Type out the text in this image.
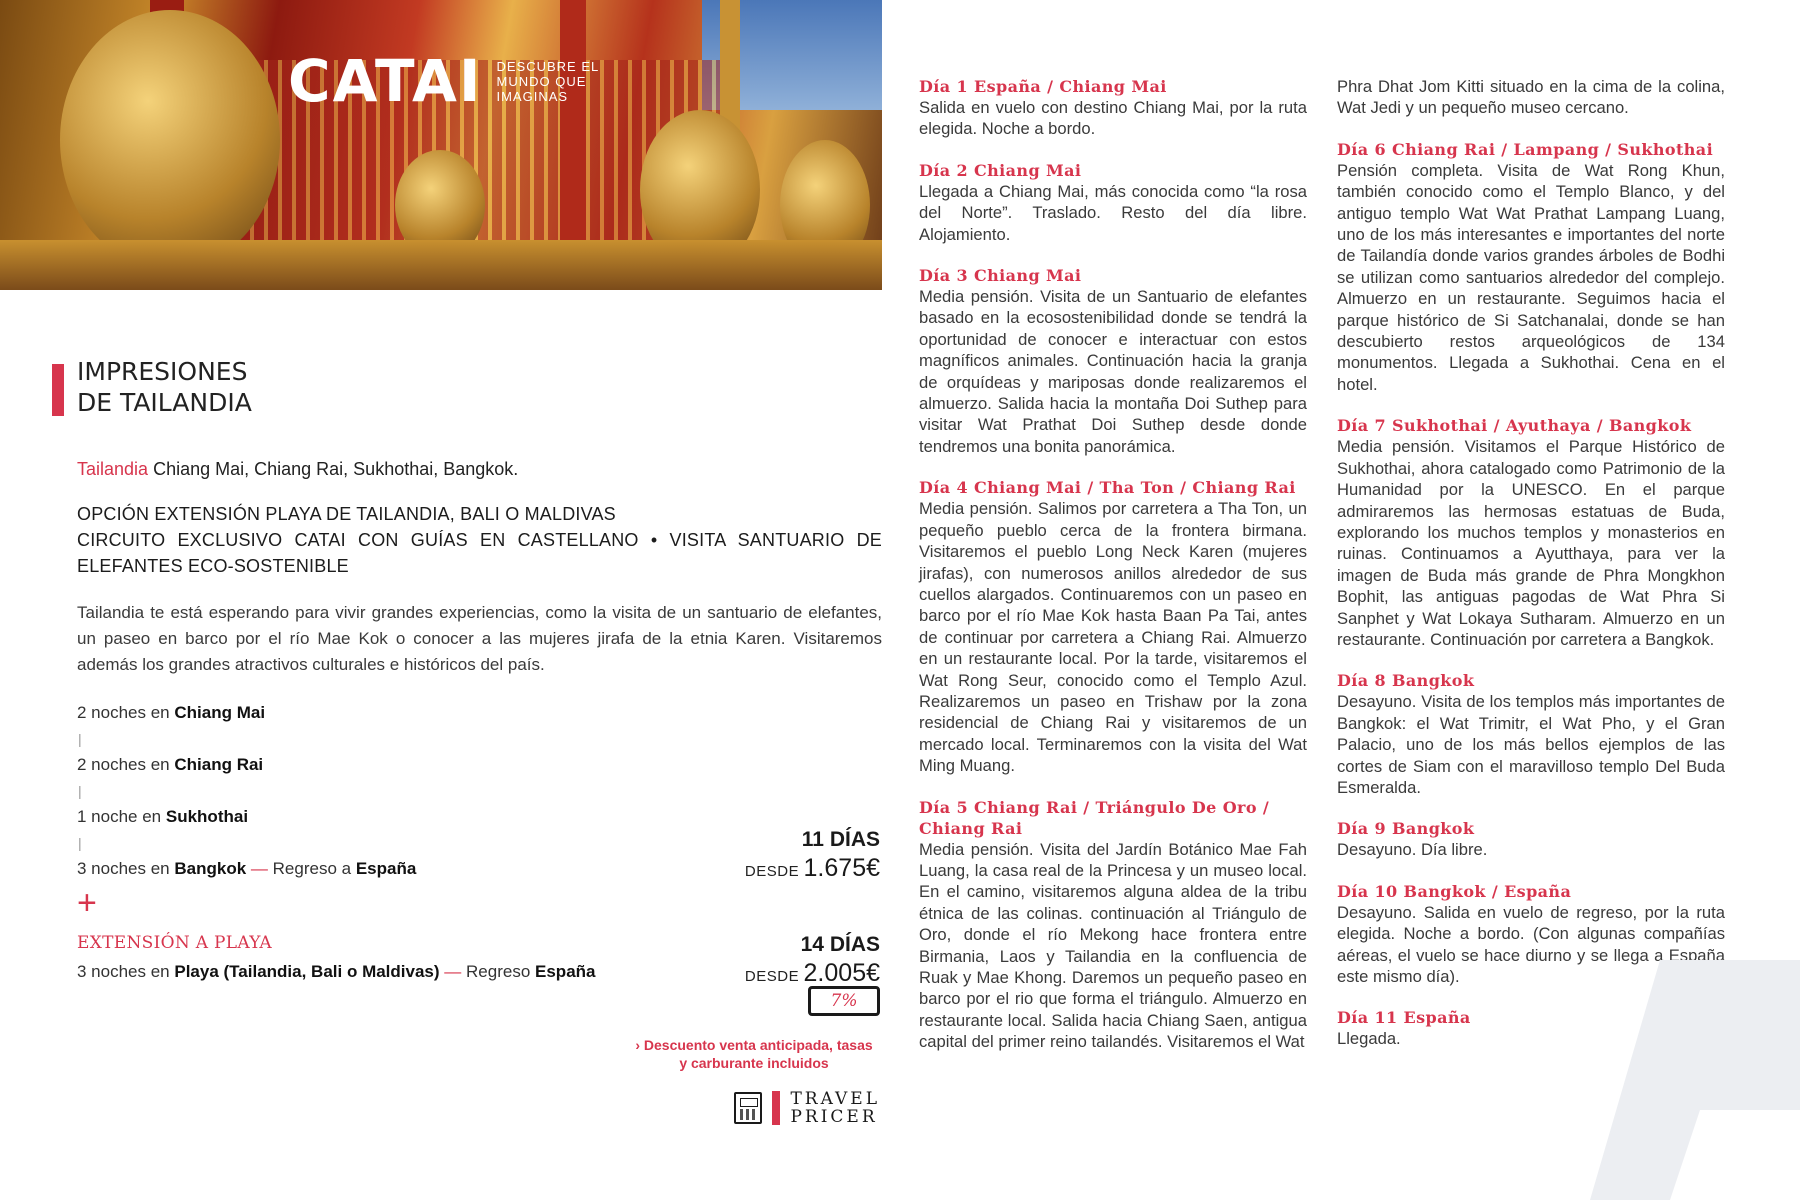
CATAI DESCUBRE EL MUNDO QUE IMAGINAS
IMPRESIONES
DE TAILANDIA
Tailandia Chiang Mai, Chiang Rai, Sukhothai, Bangkok.
OPCIÓN EXTENSIÓN PLAYA DE TAILANDIA, BALI O MALDIVAS
CIRCUITO EXCLUSIVO CATAI CON GUÍAS EN CASTELLANO • VISITA SANTUARIO DE ELEFANTES ECO-SOSTENIBLE

Tailandia te está esperando para vivir grandes experiencias, como la visita de un santuario de elefantes, un paseo en barco por el río Mae Kok o conocer a las mujeres jirafa de la etnia Karen. Visitaremos además los grandes atractivos culturales e históricos del país.

2 noches en Chiang Mai
|
2 noches en Chiang Rai
|
1 noche en Sukhothai
|
3 noches en Bangkok — Regreso a España
+
EXTENSIÓN A PLAYA
3 noches en Playa (Tailandia, Bali o Maldivas) — Regreso España
11 DÍAS
DESDE 1.675€
14 DÍAS
DESDE 2.005€
7%
› Descuento venta anticipada, tasas y carburante incluidos
TRAVEL
PRICER
Día 1 España / Chiang Mai
Salida en vuelo con destino Chiang Mai, por la ruta elegida. Noche a bordo.
Día 2 Chiang Mai
Llegada a Chiang Mai, más conocida como “la rosa del Norte”. Traslado. Resto del día libre. Alojamiento.
Día 3 Chiang Mai
Media pensión. Visita de un Santuario de elefantes basado en la ecosostenibilidad donde se tendrá la oportunidad de conocer e interactuar con estos magníficos animales. Continuación hacia la granja de orquídeas y mariposas donde realizaremos el almuerzo. Salida hacia la montaña Doi Suthep para visitar Wat Prathat Doi Suthep desde donde tendremos una bonita panorámica.
Día 4 Chiang Mai / Tha Ton / Chiang Rai
Media pensión. Salimos por carretera a Tha Ton, un pequeño pueblo cerca de la frontera birmana. Visitaremos el pueblo Long Neck Karen (mujeres jirafas), con numerosos anillos alrededor de sus cuellos alargados. Continuaremos con un paseo en barco por el río Mae Kok hasta Baan Pa Tai, antes de continuar por carretera a Chiang Rai. Almuerzo en un restaurante local. Por la tarde, visitaremos el Wat Rong Seur, conocido como el Templo Azul. Realizaremos un paseo en Trishaw por la zona residencial de Chiang Rai y visitaremos de un mercado local. Terminaremos con la visita del Wat Ming Muang.
Día 5 Chiang Rai / Triángulo De Oro / Chiang Rai
Media pensión. Visita del Jardín Botánico Mae Fah Luang, la casa real de la Princesa y un museo local. En el camino, visitaremos alguna aldea de la tribu étnica de las colinas. continuación al Triángulo de Oro, donde el río Mekong hace frontera entre Birmania, Laos y Tailandia en la confluencia de Ruak y Mae Khong. Daremos un pequeño paseo en barco por el rio que forma el triángulo. Almuerzo en restaurante local. Salida hacia Chiang Saen, antigua capital del primer reino tailandés. Visitaremos el Wat
Phra Dhat Jom Kitti situado en la cima de la colina, Wat Jedi y un pequeño museo cercano.
Día 6 Chiang Rai / Lampang / Sukhothai
Pensión completa. Visita de Wat Rong Khun, también conocido como el Templo Blanco, y del antiguo templo Wat Wat Prathat Lampang Luang, uno de los más interesantes e importantes del norte de Tailandía donde varios grandes árboles de Bodhi se utilizan como santuarios alrededor del complejo. Almuerzo en un restaurante. Seguimos hacia el parque histórico de Si Satchanalai, donde se han descubierto restos arqueológicos de 134 monumentos. Llegada a Sukhothai. Cena en el hotel.
Día 7 Sukhothai / Ayuthaya / Bangkok
Media pensión. Visitamos el Parque Histórico de Sukhothai, ahora catalogado como Patrimonio de la Humanidad por la UNESCO. En el parque admiraremos las hermosas estatuas de Buda, explorando los muchos templos y monasterios en ruinas. Continuamos a Ayutthaya, para ver la imagen de Buda más grande de Phra Mongkhon Bophit, las antiguas pagodas de Wat Phra Si Sanphet y Wat Lokaya Sutharam. Almuerzo en un restaurante. Continuación por carretera a Bangkok.
Día 8 Bangkok
Desayuno. Visita de los templos más importantes de Bangkok: el Wat Trimitr, el Wat Pho, y el Gran Palacio, uno de los más bellos ejemplos de las cortes de Siam con el maravilloso templo Del Buda Esmeralda.
Día 9 Bangkok
Desayuno. Día libre.
Día 10 Bangkok / España
Desayuno. Salida en vuelo de regreso, por la ruta elegida. Noche a bordo. (Con algunas compañías aéreas, el vuelo se hace diurno y se llega a España este mismo día).
Día 11 España
Llegada.
